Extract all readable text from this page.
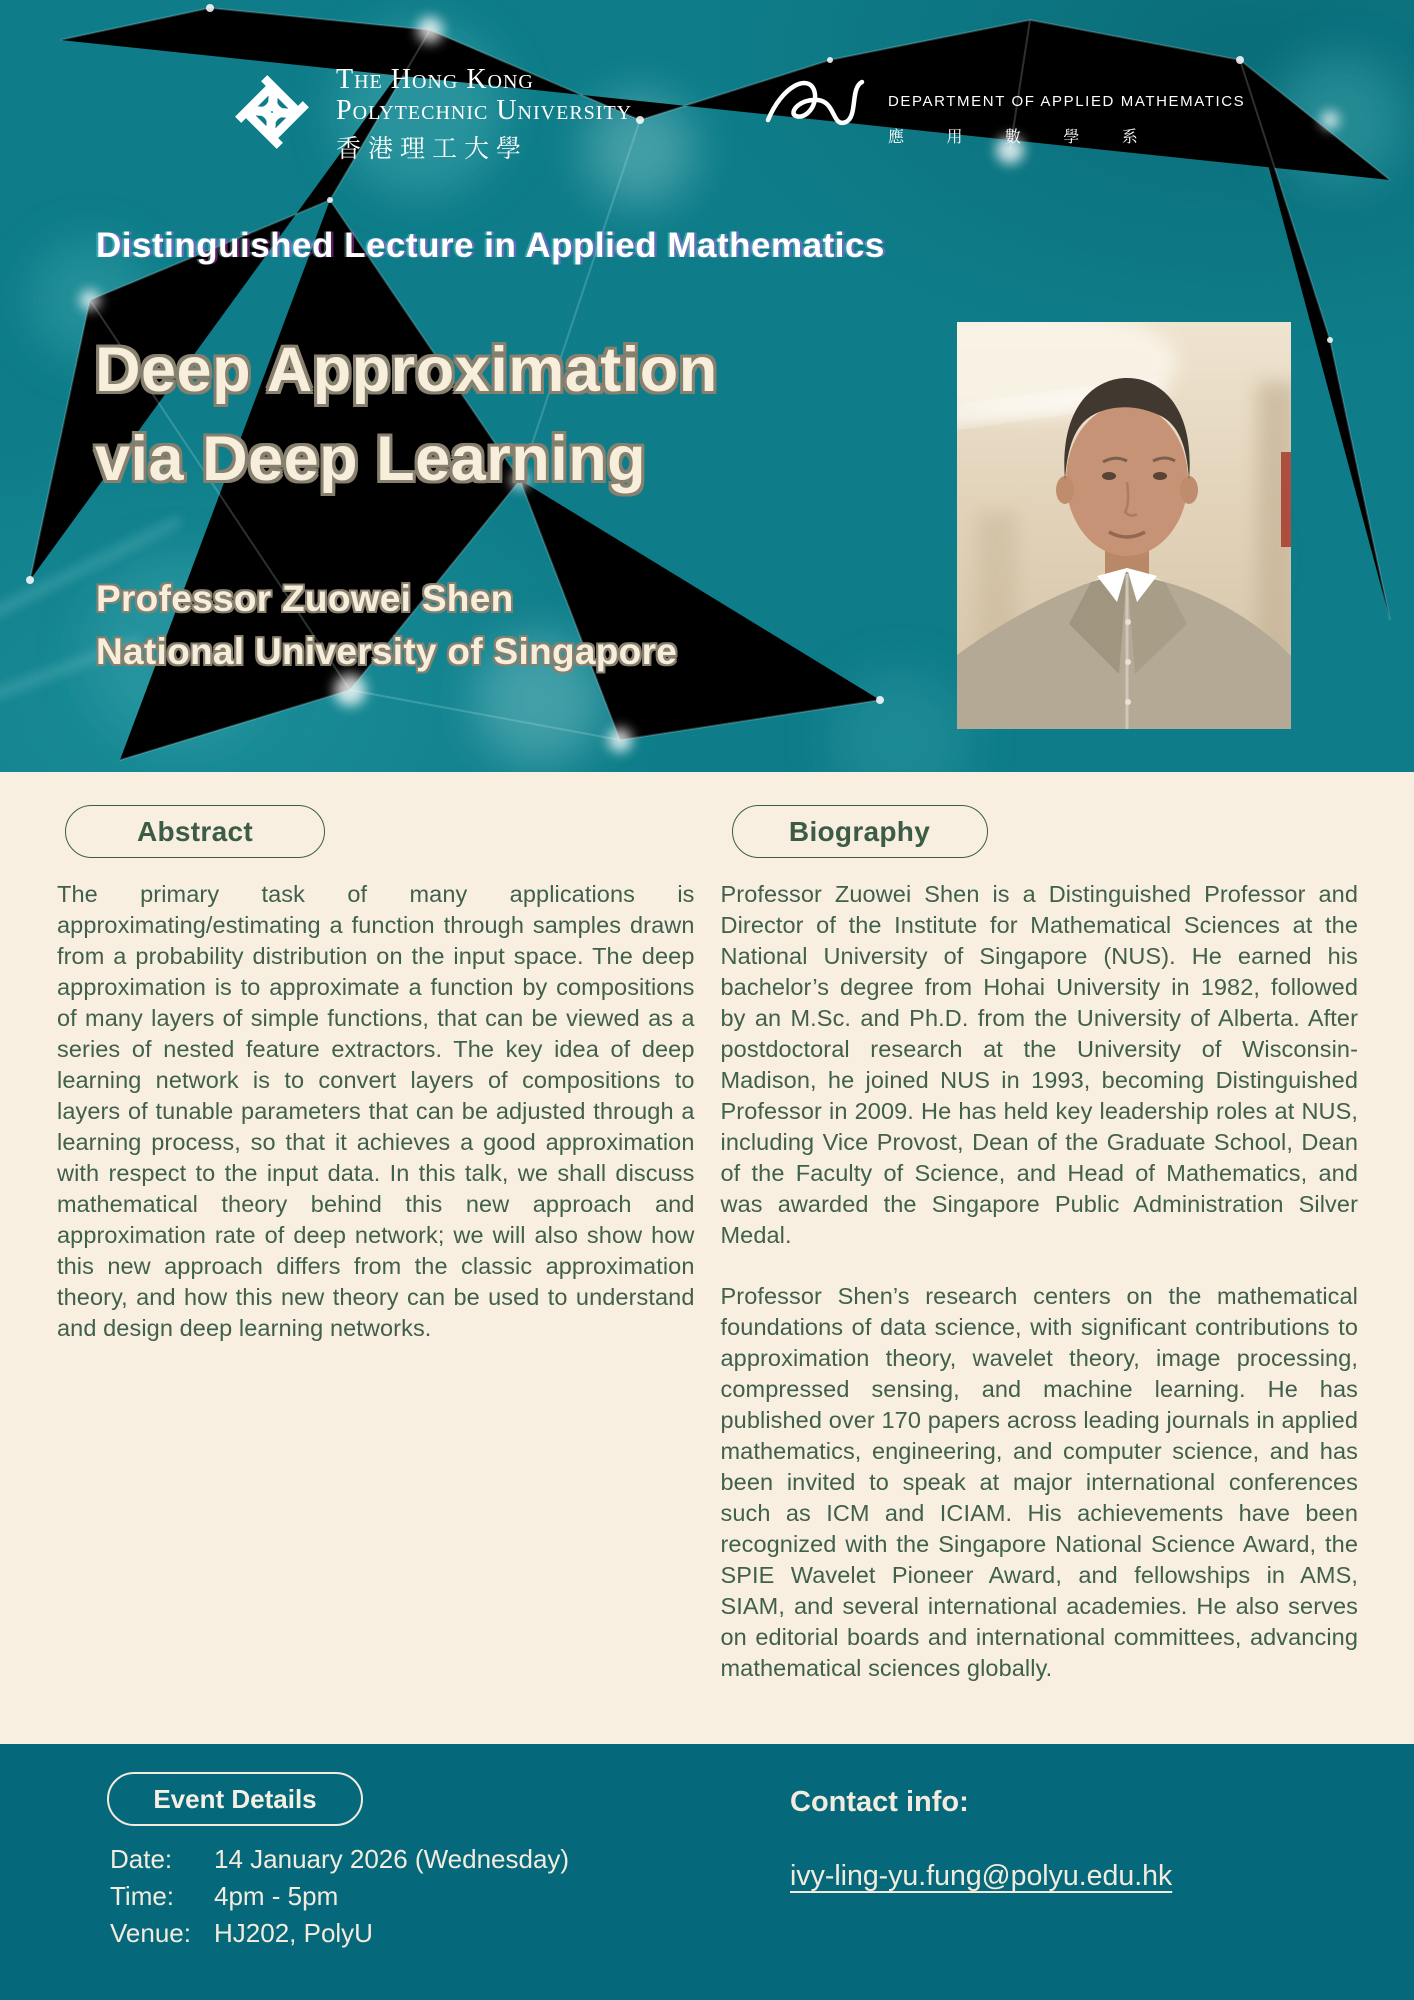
The Hong Kong
Polytechnic University
香港理工大學
DEPARTMENT OF APPLIED MATHEMATICS
應 用 數 學 系
Distinguished Lecture in Applied Mathematics
Deep Approximation
via Deep Learning
Professor Zuowei Shen
National University of Singapore
Abstract

The primary task of many applications is approximating/estimating a function through samples drawn from a probability distribution on the input space. The deep approximation is to approximate a function by compositions of many layers of simple functions, that can be viewed as a series of nested feature extractors. The key idea of deep learning network is to convert layers of compositions to layers of tunable parameters that can be adjusted through a learning process, so that it achieves a good approximation with respect to the input data. In this talk, we shall discuss mathematical theory behind this new approach and approximation rate of deep network; we will also show how this new approach differs from the classic approximation theory, and how this new theory can be used to understand and design deep learning networks.

Biography

Professor Zuowei Shen is a Distinguished Professor and Director of the Institute for Mathematical Sciences at the National University of Singapore (NUS). He earned his bachelor’s degree from Hohai University in 1982, followed by an M.Sc. and Ph.D. from the University of Alberta. After postdoctoral research at the University of Wisconsin-Madison, he joined NUS in 1993, becoming Distinguished Professor in 2009. He has held key leadership roles at NUS, including Vice Provost, Dean of the Graduate School, Dean of the Faculty of Science, and Head of Mathematics, and was awarded the Singapore Public Administration Silver Medal.

Professor Shen’s research centers on the mathematical foundations of data science, with significant contributions to approximation theory, wavelet theory, image processing, compressed sensing, and machine learning. He has published over 170 papers across leading journals in applied mathematics, engineering, and computer science, and has been invited to speak at major international conferences such as ICM and ICIAM. His achievements have been recognized with the Singapore National Science Award, the SPIE Wavelet Pioneer Award, and fellowships in AMS, SIAM, and several international academies. He also serves on editorial boards and international committees, advancing mathematical sciences globally.

Event Details
Date:	14 January 2026 (Wednesday)
Time:	4pm - 5pm
Venue: HJ202, PolyU
Contact info:
ivy-ling-yu.fung@polyu.edu.hk
